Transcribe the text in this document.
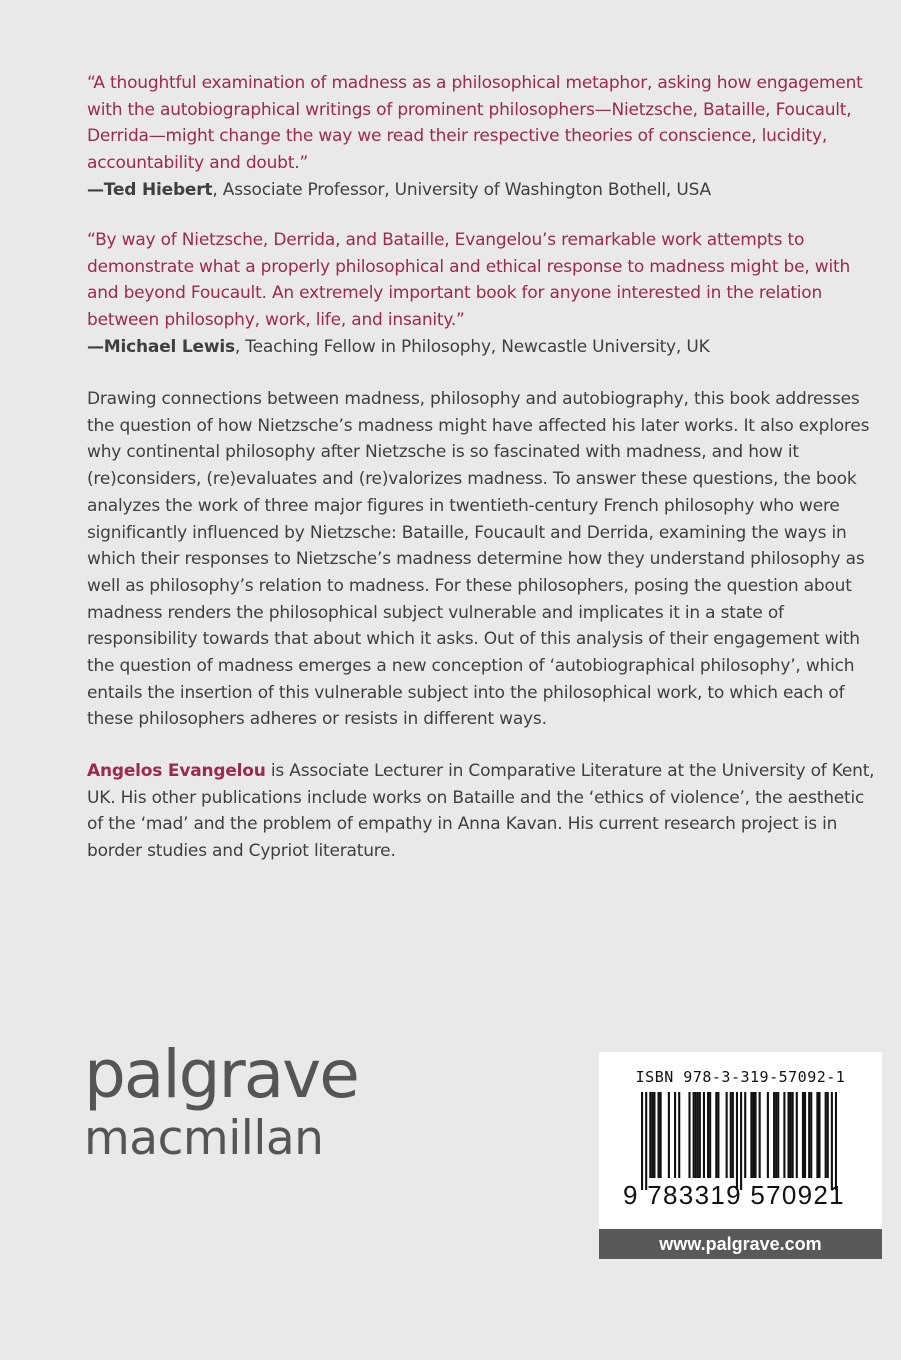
“A thoughtful examination of madness as a philosophical metaphor, asking how engagement with the autobiographical writings of prominent philosophers—Nietzsche, Bataille, Foucault, Derrida—might change the way we read their respective theories of conscience, lucidity, accountability and doubt.”
—Ted Hiebert, Associate Professor, University of Washington Bothell, USA
“By way of Nietzsche, Derrida, and Bataille, Evangelou’s remarkable work attempts to demonstrate what a properly philosophical and ethical response to madness might be, with and beyond Foucault. An extremely important book for anyone interested in the relation between philosophy, work, life, and insanity.”
—Michael Lewis, Teaching Fellow in Philosophy, Newcastle University, UK
Drawing connections between madness, philosophy and autobiography, this book addresses the question of how Nietzsche’s madness might have affected his later works. It also explores why continental philosophy after Nietzsche is so fascinated with madness, and how it (re)considers, (re)evaluates and (re)valorizes madness. To answer these questions, the book analyzes the work of three major figures in twentieth-century French philosophy who were significantly influenced by Nietzsche: Bataille, Foucault and Derrida, examining the ways in which their responses to Nietzsche’s madness determine how they understand philosophy as well as philosophy’s relation to madness. For these philosophers, posing the question about madness renders the philosophical subject vulnerable and implicates it in a state of responsibility towards that about which it asks. Out of this analysis of their engagement with the question of madness emerges a new conception of ‘autobiographical philosophy’, which entails the insertion of this vulnerable subject into the philosophical work, to which each of these philosophers adheres or resists in different ways.
Angelos Evangelou is Associate Lecturer in Comparative Literature at the University of Kent, UK. His other publications include works on Bataille and the ‘ethics of violence’, the aesthetic of the ‘mad’ and the problem of empathy in Anna Kavan. His current research project is in border studies and Cypriot literature.
palgrave
macmillan
ISBN 978-3-319-57092-1
9 783319 570921
www.palgrave.com
